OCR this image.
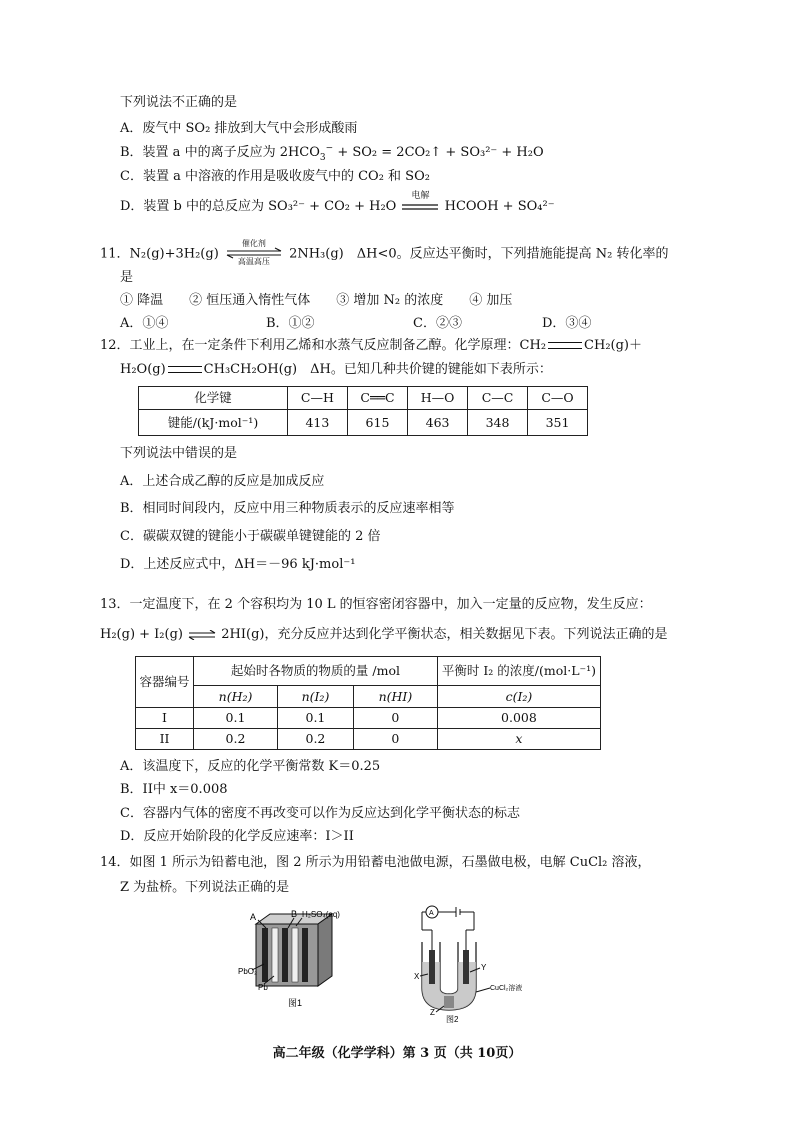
下列说法不正确的是
A．废气中 SO₂ 排放到大气中会形成酸雨
B．装置 a 中的离子反应为 $2HCO_3^- + SO_2$ = 2CO₂↑ + SO₃²⁻ + H₂O
C．装置 a 中溶液的作用是吸收废气中的 CO₂ 和 SO₂
D．装置 b 中的总反应为 SO₃²⁻ + CO₂ + H₂O
电解
HCOOH + SO₄²⁻
11．N₂(g)+3H₂(g)
催化剂
高温高压	2NH₃(g)　ΔH<0。反应达平衡时，下列措施能提高 N₂ 转化率的
是
① 降温　　② 恒压通入惰性气体　　③ 增加 N₂ 的浓度　　④ 加压
A．①④	B．①②	C．②③	D．③④
12．工业上，在一定条件下利用乙烯和水蒸气反应制备乙醇。化学原理：CH₂	CH₂(g)＋
H₂O(g)	CH₃CH₂OH(g)　ΔH。已知几种共价键的键能如下表所示：
化学键	C—H	C══C	H—O	C—C	C—O
键能/(kJ·mol⁻¹)	413	615	463	348	351
下列说法中错误的是
A．上述合成乙醇的反应是加成反应
B．相同时间段内，反应中用三种物质表示的反应速率相等
C．碳碳双键的键能小于碳碳单键键能的 2 倍
D．上述反应式中，ΔH＝－96 kJ·mol⁻¹
13．一定温度下，在 2 个容积均为 10 L 的恒容密闭容器中，加入一定量的反应物，发生反应：
H₂(g) + I₂(g) ⇌ 2HI(g)，充分反应并达到化学平衡状态，相关数据见下表。下列说法正确的是
容器编号	起始时各物质的物质的量 /mol			平衡时 I₂ 的浓度/(mol·L⁻¹)
	n(H₂)	n(I₂)	n(HI)	c(I₂)
I	0.1	0.1	0	0.008
II	0.2	0.2	0	x
A．该温度下，反应的化学平衡常数 K＝0.25
B．II中 x＝0.008
C．容器内气体的密度不再改变可以作为反应达到化学平衡状态的标志
D．反应开始阶段的化学反应速率：I＞II
14．如图 1 所示为铅蓄电池，图 2 所示为用铅蓄电池做电源，石墨做电极，电解 CuCl₂ 溶液，
Z 为盐桥。下列说法正确的是
A	B H₂SO₄(aq)
PbO₂
Pb
图1
A
X
Y
Z
CuCl₂溶液
图2
高二年级（化学学科）第 3 页（共 10页）
